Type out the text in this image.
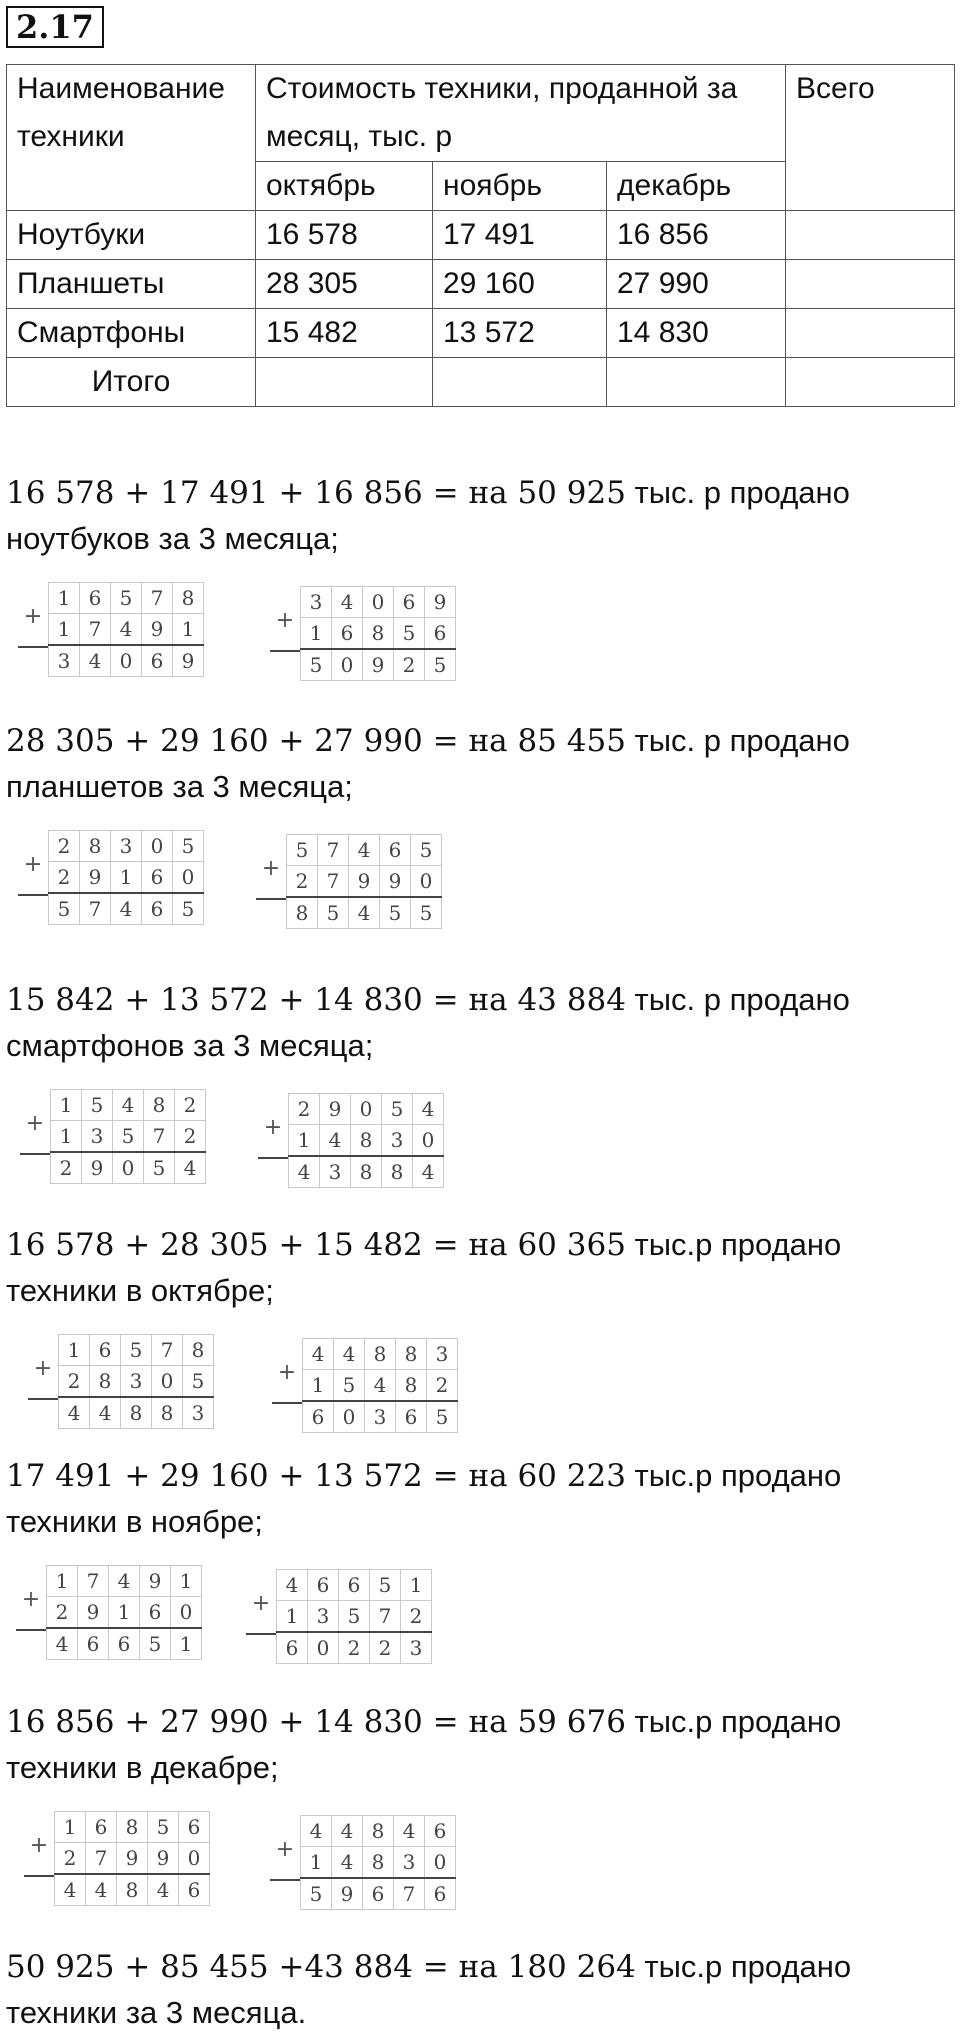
2.17
Наименование техники	Стоимость техники, проданной за месяц, тыс. р			Всего
	октябрь	ноябрь	декабрь	
Ноутбуки	16 578	17 491	16 856	
Планшеты	28 305	29 160	27 990	
Смартфоны	15 482	13 572	14 830	
Итого				
16 578 + 17 491 + 16 856 = на 50 925 тыс. р продано
ноутбуков за 3 месяца;
+
1	6	5	7	8
1	7	4	9	1
3	4	0	6	9
+
3	4	0	6	9
1	6	8	5	6
5	0	9	2	5
28 305 + 29 160 + 27 990 = на 85 455 тыс. р продано
планшетов за 3 месяца;
+
2	8	3	0	5
2	9	1	6	0
5	7	4	6	5
+
5	7	4	6	5
2	7	9	9	0
8	5	4	5	5
15 842 + 13 572 + 14 830 = на 43 884 тыс. р продано
смартфонов за 3 месяца;
+
1	5	4	8	2
1	3	5	7	2
2	9	0	5	4
+
2	9	0	5	4
1	4	8	3	0
4	3	8	8	4
16 578 + 28 305 + 15 482 = на 60 365 тыс.р продано
техники в октябре;
+
1	6	5	7	8
2	8	3	0	5
4	4	8	8	3
+
4	4	8	8	3
1	5	4	8	2
6	0	3	6	5
17 491 + 29 160 + 13 572 = на 60 223 тыс.р продано
техники в ноябре;
+
1	7	4	9	1
2	9	1	6	0
4	6	6	5	1
+
4	6	6	5	1
1	3	5	7	2
6	0	2	2	3
16 856 + 27 990 + 14 830 = на 59 676 тыс.р продано
техники в декабре;
+
1	6	8	5	6
2	7	9	9	0
4	4	8	4	6
+
4	4	8	4	6
1	4	8	3	0
5	9	6	7	6
50 925 + 85 455 +43 884 = на 180 264 тыс.р продано
техники за 3 месяца.
